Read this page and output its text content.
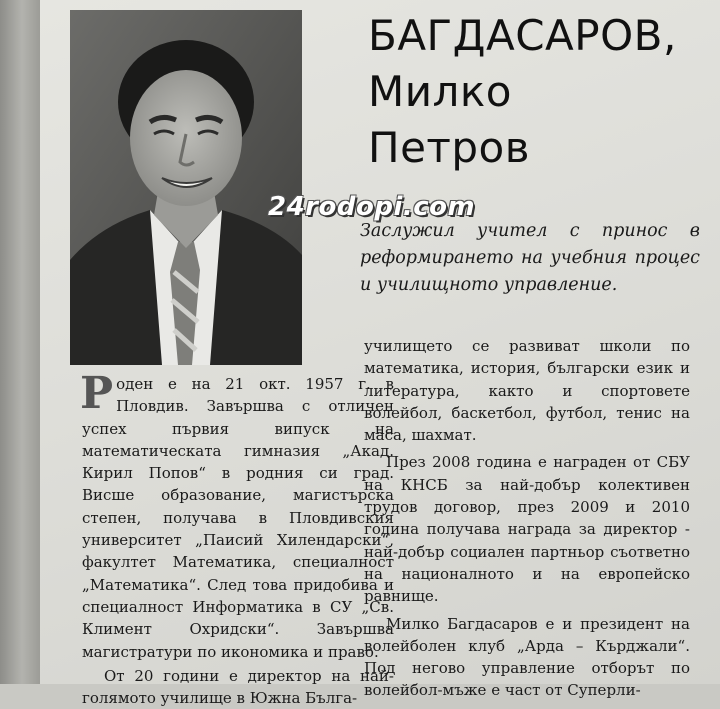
БАГДАСАРОВ,
Милко
Петров
24rodopi.com

Заслужил учител с принос в реформирането на учебния процес и училищното управление.

Роден е на 21 окт. 1957 г. в Пловдив. Завършва с отличен успех първия випуск на математическата гимназия „Акад. Кирил Попов“ в родния си град. Висше образование, магистърска степен, получава в Пловдивския университет „Паисий Хилендарски“, факултет Математика, специалност „Математика“. След това придобива и специалност Информатика в СУ „Св. Климент Охридски“. Завършва магистратури по икономика и право.

От 20 години е директор на най-голямото училище в Южна Бълга-

училището се развиват школи по математика, история, български език и литература, както и спортовете волейбол, баскетбол, футбол, тенис на маса, шахмат.

През 2008 година е награден от СБУ на КНСБ за най-добър колективен трудов договор, през 2009 и 2010 година получава награда за директор - най-добър социален партньор съответно на националното и на европейско равнище.

Милко Багдасаров е и президент на волейболен клуб „Арда – Кърджали“. Под негово управление отборът по волейбол-мъже е част от Суперли-
